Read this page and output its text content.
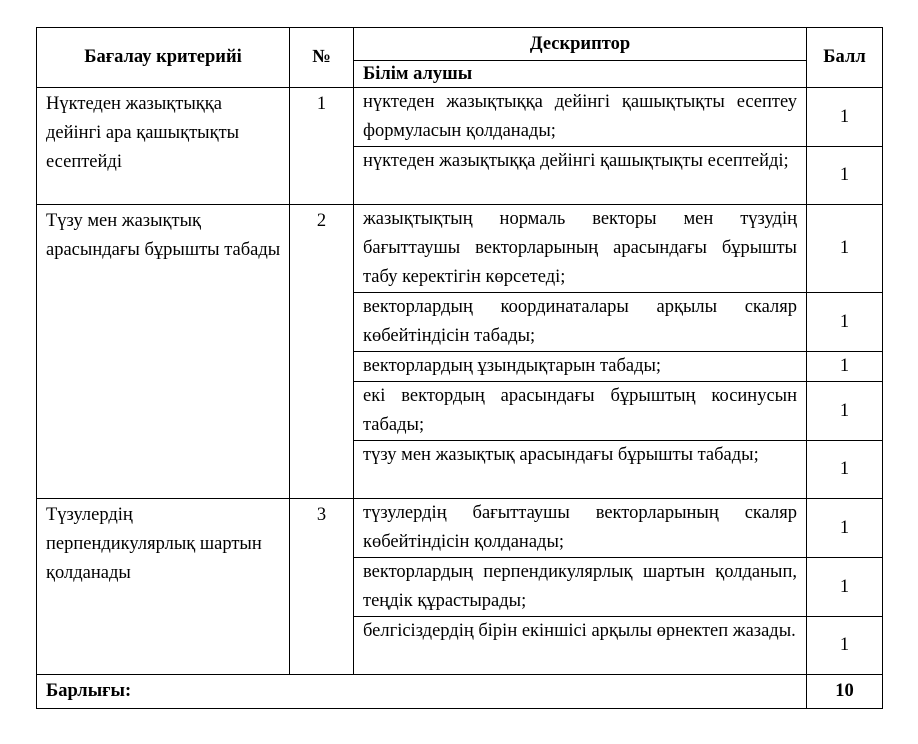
Бағалау критерийі	№	Дескриптор	Балл
		Білім алушы	
Нүктеден жазықтыққа дейінгі ара қашықтықты есептейді	1	нүктеден жазықтыққа дейінгі қашықтықты есептеу формуласын қолданады;	1
		нүктеден жазықтыққа дейінгі қашықтықты есептейді;	1
Түзу мен жазықтық арасындағы бұрышты табады	2	жазықтықтың нормаль векторы мен түзудің бағыттаушы векторларының арасындағы бұрышты табу керектігін көрсетеді;	1
		векторлардың координаталары арқылы скаляр көбейтіндісін табады;	1
		векторлардың ұзындықтарын табады;	1
		екі вектордың арасындағы бұрыштың косинусын табады;	1
		түзу мен жазықтық арасындағы бұрышты табады;	1
Түзулердің перпендикулярлық шартын қолданады	3	түзулердің бағыттаушы векторларының скаляр көбейтіндісін қолданады;	1
		векторлардың перпендикулярлық шартын қолданып, теңдік құрастырады;	1
		белгісіздердің бірін екіншісі арқылы өрнектеп жазады.	1
Барлығы:			10
